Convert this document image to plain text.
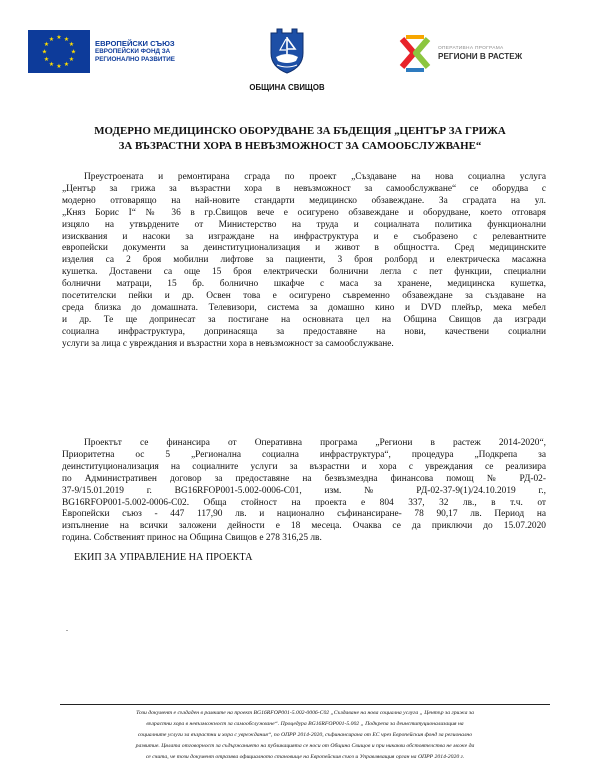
★ ★
★
★
★
★
★
★
★
★
★
★	ЕВРОПЕЙСКИ СЪЮЗ
ЕВРОПЕЙСКИ ФОНД ЗА
РЕГИОНАЛНО РАЗВИТИЕ
ОБЩИНА СВИЩОВ
ОПЕРАТИВНА ПРОГРАМА
РЕГИОНИ В РАСТЕЖ
МОДЕРНО МЕДИЦИНСКО ОБОРУДВАНЕ ЗА БЪДЕЩИЯ „ЦЕНТЪР ЗА ГРИЖА
ЗА ВЪЗРАСТНИ ХОРА В НЕВЪЗМОЖНОСТ ЗА САМООБСЛУЖВАНЕ“
Преустроената и ремонтирана сграда по проект „Създаване на нова социална услуга
„Център за грижа за възрастни хора в невъзможност за самообслужване“ се оборудва с
модерно отговарящо на най-новите стандарти медицинско обзавеждане. За сградата на ул.
„Княз Борис I“ № 36 в гр.Свищов вече е осигурено обзавеждане и оборудване, което отговаря
изцяло на утвърдените от Министерство на труда и социалната политика функционални
изисквания и насоки за изграждане на инфраструктура и е съобразено с релевантните
европейски документи за деинституционализация и живот в общността. Сред медицинските
изделия са 2 броя мобилни лифтове за пациенти, 3 броя ролборд и електрическа масажна
кушетка. Доставени са още 15 броя електрически болнични легла с пет функции, специални
болнични матраци, 15 бр. болнично шкафче с маса за хранене, медицинска кушетка,
посетителски пейки и др. Освен това е осигурено съвременно обзавеждане за създаване на
среда близка до домашната. Телевизори, система за домашно кино и DVD плейър, мека мебел
и др. Те ще допринесат за постигане на основната цел на Община Свищов да изгради
социална инфраструктура, допринасяща за предоставяне на нови, качествени социални
услуги за лица с увреждания и възрастни хора в невъзможност за самообслужване.
Проектът се финансира от Оперативна програма „Региони в растеж 2014-2020“,
Приоритетна ос 5 „Регионална социална инфраструктура“, процедура „Подкрепа за
деинституционализация на социалните услуги за възрастни и хора с увреждания се реализира
по Административен договор за предоставяне на безвъзмездна финансова помощ № РД-02-
37-9/15.01.2019 г. BG16RFOP001-5.002-0006-C01, изм. № РД-02-37-9(1)/24.10.2019 г.,
BG16RFOP001-5.002-0006-C02. Обща стойност на проекта е 804 337, 32 лв., в т.ч. от
Европейски съюз - 447 117,90 лв. и национално съфинансиране- 78 90,17 лв. Период на
изпълнение на всички заложени дейности е 18 месеца. Очаква се да приключи до 15.07.2020
година. Собственият принос на Община Свищов е 278 316,25 лв.
ЕКИП ЗА УПРАВЛЕНИЕ НА ПРОЕКТА
.
Този документ е създаден в рамките на проект BG16RFOP001-5.002-0006-C02 „Създаване на нова социална услуга „ Център за грижа за
възрастни хора в невъзможност за самообслужване“. Процедура BG16RFOP001-5.002 „ Подкрепа за деинституционализация на
социалните услуги за възрастни и хора с увреждания“, по ОПРР 2014-2020, съфинансирана от ЕС чрез Европейския фонд за регионално
развитие. Цялата отговорност за съдържанието на публикацията се носи от Община Свищов и при никакви обстоятелства не може да
се счита, че този документ отразява официалното становище на Европейския съюз и Управляващия орган на ОПРР 2014-2020 г.
